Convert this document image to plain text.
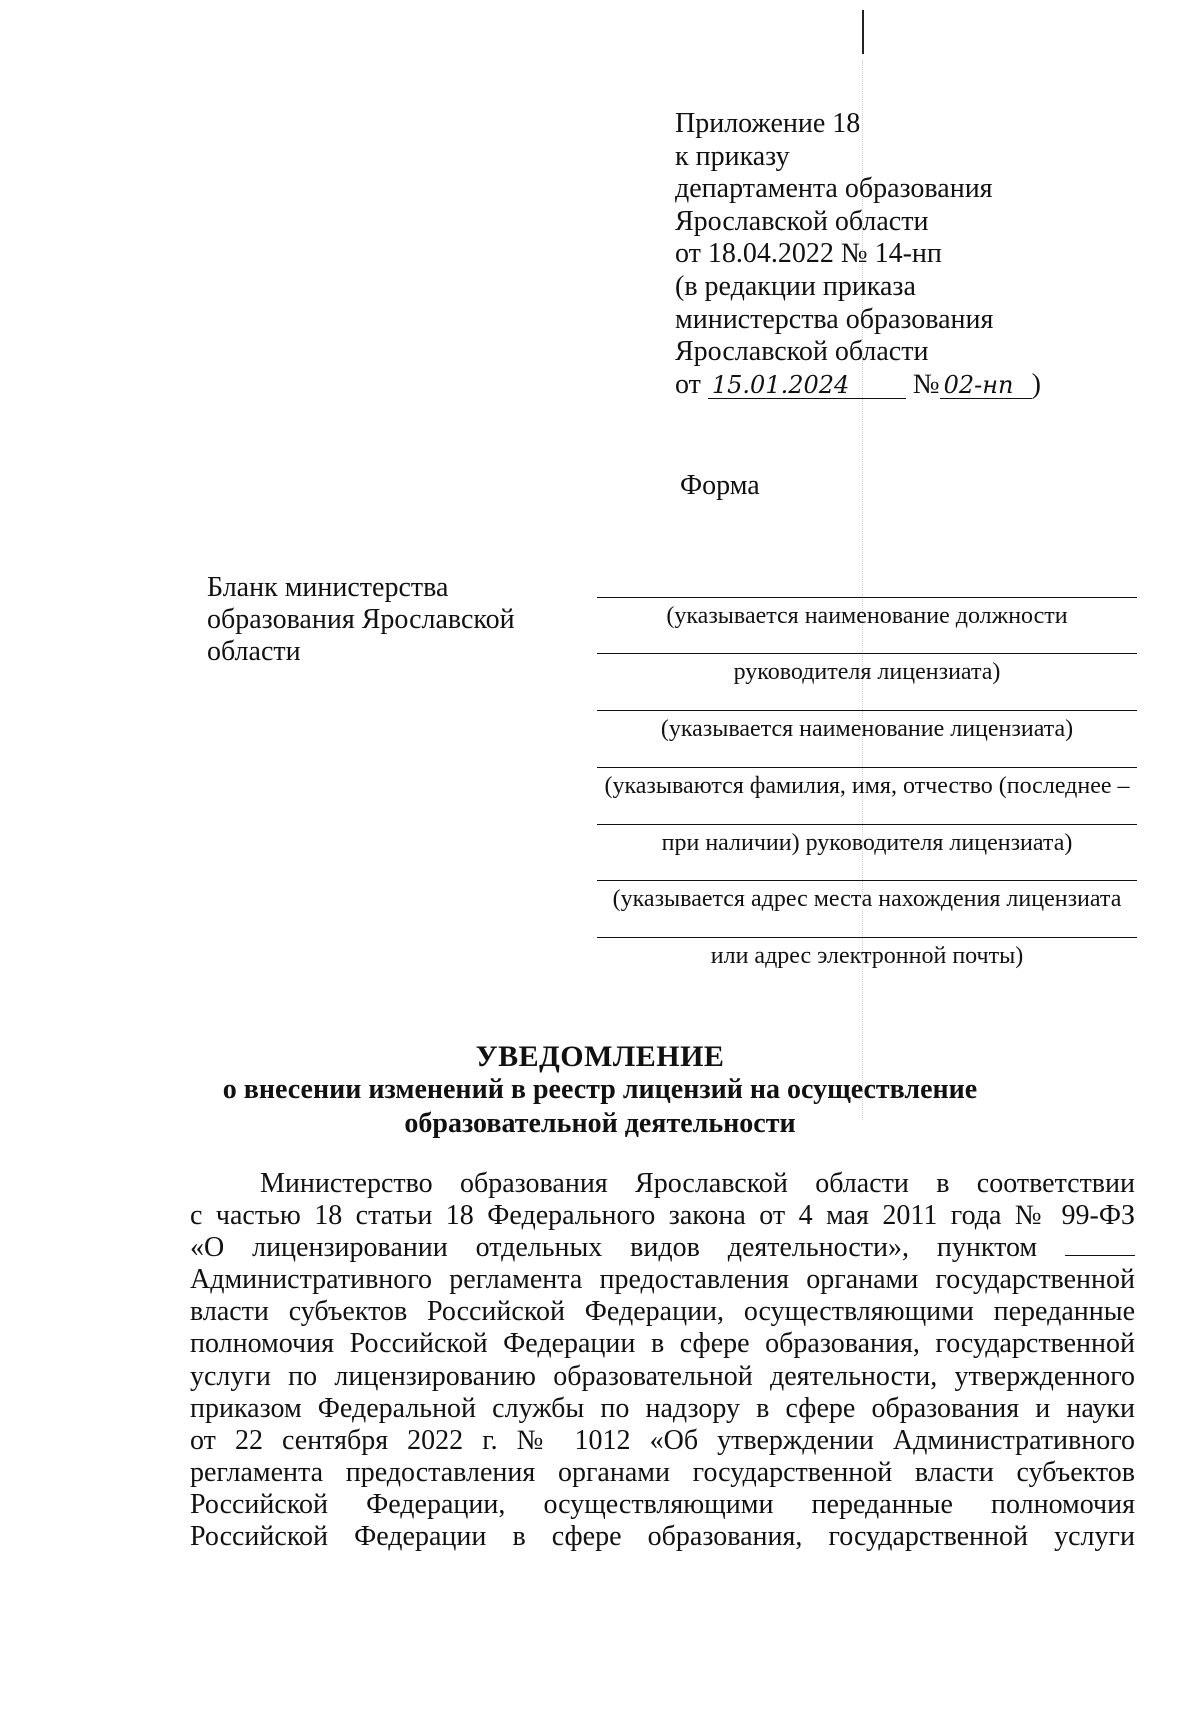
Приложение 18
к приказу
департамента образования
Ярославской области
от 18.04.2022 № 14-нп
(в редакции приказа
министерства образования
Ярославской области
от 15.01.2024 № 02-нп )
Форма
Бланк министерства
образования Ярославской
области
(указывается наименование должности
руководителя лицензиата)
(указывается наименование лицензиата)
(указываются фамилия, имя, отчество (последнее –
при наличии) руководителя лицензиата)
(указывается адрес места нахождения лицензиата
или адрес электронной почты)
УВЕДОМЛЕНИЕ
о внесении изменений в реестр лицензий на осуществление
образовательной деятельности
Министерство образования Ярославской области в соответствии
с частью 18 статьи 18 Федерального закона от 4 мая 2011 года № 99-ФЗ
«О лицензировании отдельных видов деятельности», пунктом
Административного регламента предоставления органами государственной
власти субъектов Российской Федерации, осуществляющими переданные
полномочия Российской Федерации в сфере образования, государственной
услуги по лицензированию образовательной деятельности, утвержденного
приказом Федеральной службы по надзору в сфере образования и науки
от 22 сентября 2022 г. № 1012 «Об утверждении Административного
регламента предоставления органами государственной власти субъектов
Российской Федерации, осуществляющими переданные полномочия
Российской Федерации в сфере образования, государственной услуги
